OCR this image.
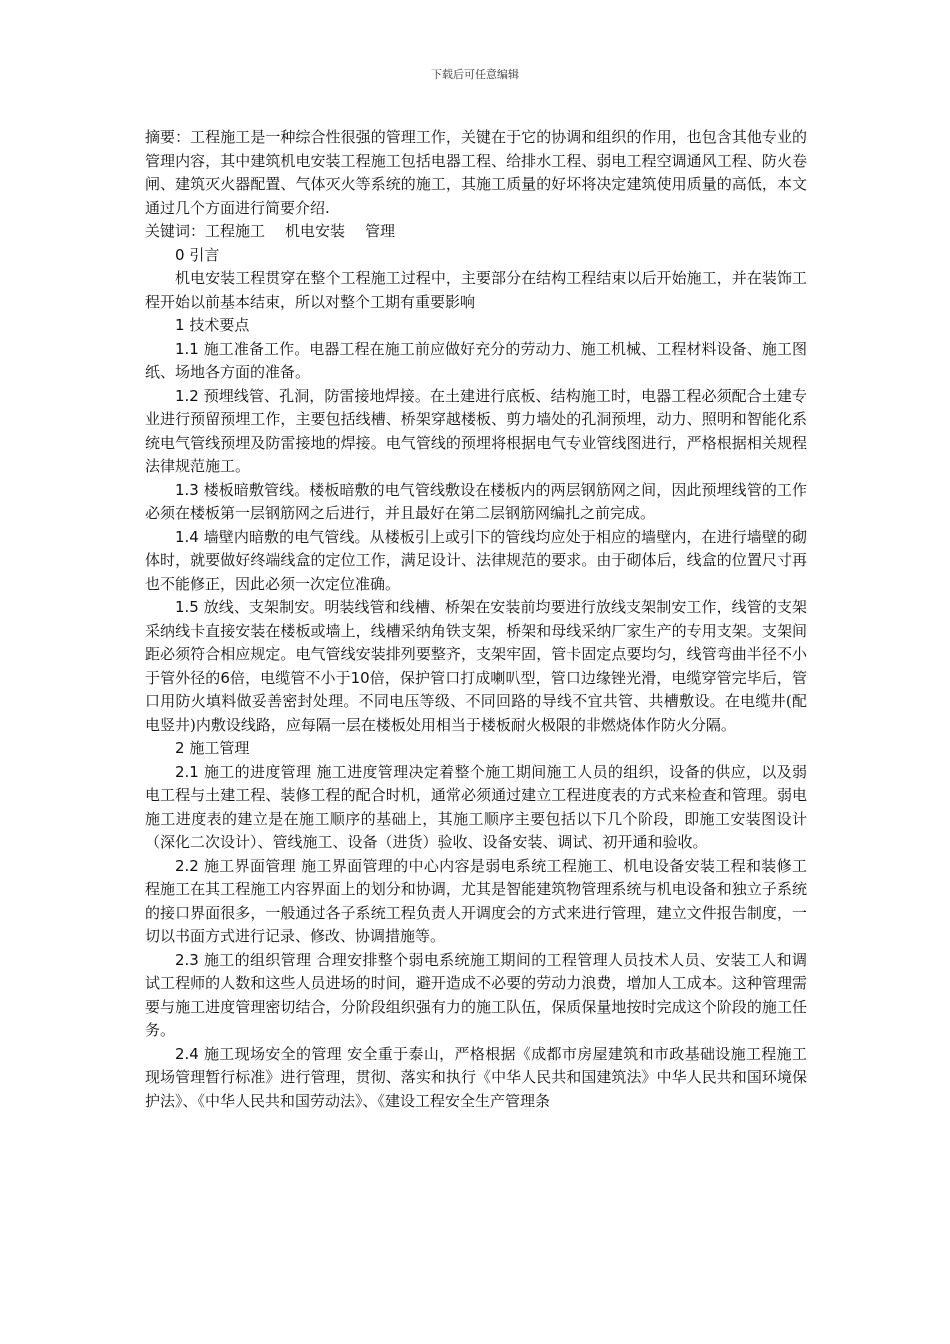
下载后可任意编辑

摘要：工程施工是一种综合性很强的管理工作，关键在于它的协调和组织的作用，也包含其他专业的管理内容，其中建筑机电安装工程施工包括电器工程、给排水工程、弱电工程空调通风工程、防火卷闸、建筑灭火器配置、气体灭火等系统的施工，其施工质量的好坏将决定建筑使用质量的高低，本文通过几个方面进行简要介绍.

关键词：工程施工 机电安装 管理

0 引言

机电安装工程贯穿在整个工程施工过程中，主要部分在结构工程结束以后开始施工，并在装饰工程开始以前基本结束，所以对整个工期有重要影响

1 技术要点

1.1 施工准备工作。电器工程在施工前应做好充分的劳动力、施工机械、工程材料设备、施工图纸、场地各方面的准备。

1.2 预埋线管、孔洞，防雷接地焊接。在土建进行底板、结构施工时，电器工程必须配合土建专业进行预留预埋工作，主要包括线槽、桥架穿越楼板、剪力墙处的孔洞预埋，动力、照明和智能化系统电气管线预埋及防雷接地的焊接。电气管线的预埋将根据电气专业管线图进行，严格根据相关规程法律规范施工。

1.3 楼板暗敷管线。楼板暗敷的电气管线敷设在楼板内的两层钢筋网之间，因此预埋线管的工作必须在楼板第一层钢筋网之后进行，并且最好在第二层钢筋网编扎之前完成。

1.4 墙壁内暗敷的电气管线。从楼板引上或引下的管线均应处于相应的墙壁内，在进行墙壁的砌体时，就要做好终端线盒的定位工作，满足设计、法律规范的要求。由于砌体后，线盒的位置尺寸再也不能修正，因此必须一次定位准确。

1.5 放线、支架制安。明装线管和线槽、桥架在安装前均要进行放线支架制安工作，线管的支架采纳线卡直接安装在楼板或墙上，线槽采纳角铁支架，桥架和母线采纳厂家生产的专用支架。支架间距必须符合相应规定。电气管线安装排列要整齐，支架牢固，管卡固定点要均匀，线管弯曲半径不小于管外径的6倍，电缆管不小于10倍，保护管口打成喇叭型，管口边缘锉光滑，电缆穿管完毕后，管口用防火填料做妥善密封处理。不同电压等级、不同回路的导线不宜共管、共槽敷设。在电缆井(配电竖井)内敷设线路，应每隔一层在楼板处用相当于楼板耐火极限的非燃烧体作防火分隔。

2 施工管理

2.1 施工的进度管理 施工进度管理决定着整个施工期间施工人员的组织，设备的供应，以及弱电工程与土建工程、装修工程的配合时机，通常必须通过建立工程进度表的方式来检查和管理。弱电施工进度表的建立是在施工顺序的基础上，其施工顺序主要包括以下几个阶段，即施工安装图设计（深化二次设计）、管线施工、设备（进货）验收、设备安装、调试、初开通和验收。

2.2 施工界面管理 施工界面管理的中心内容是弱电系统工程施工、机电设备安装工程和装修工程施工在其工程施工内容界面上的划分和协调，尤其是智能建筑物管理系统与机电设备和独立子系统的接口界面很多，一般通过各子系统工程负责人开调度会的方式来进行管理，建立文件报告制度，一切以书面方式进行记录、修改、协调措施等。

2.3 施工的组织管理 合理安排整个弱电系统施工期间的工程管理人员技术人员、安装工人和调试工程师的人数和这些人员进场的时间，避开造成不必要的劳动力浪费，增加人工成本。这种管理需要与施工进度管理密切结合，分阶段组织强有力的施工队伍，保质保量地按时完成这个阶段的施工任务。

2.4 施工现场安全的管理 安全重于泰山，严格根据《成都市房屋建筑和市政基础设施工程施工现场管理暂行标准》进行管理，贯彻、落实和执行《中华人民共和国建筑法》中华人民共和国环境保护法》、《中华人民共和国劳动法》、《建设工程安全生产管理条
